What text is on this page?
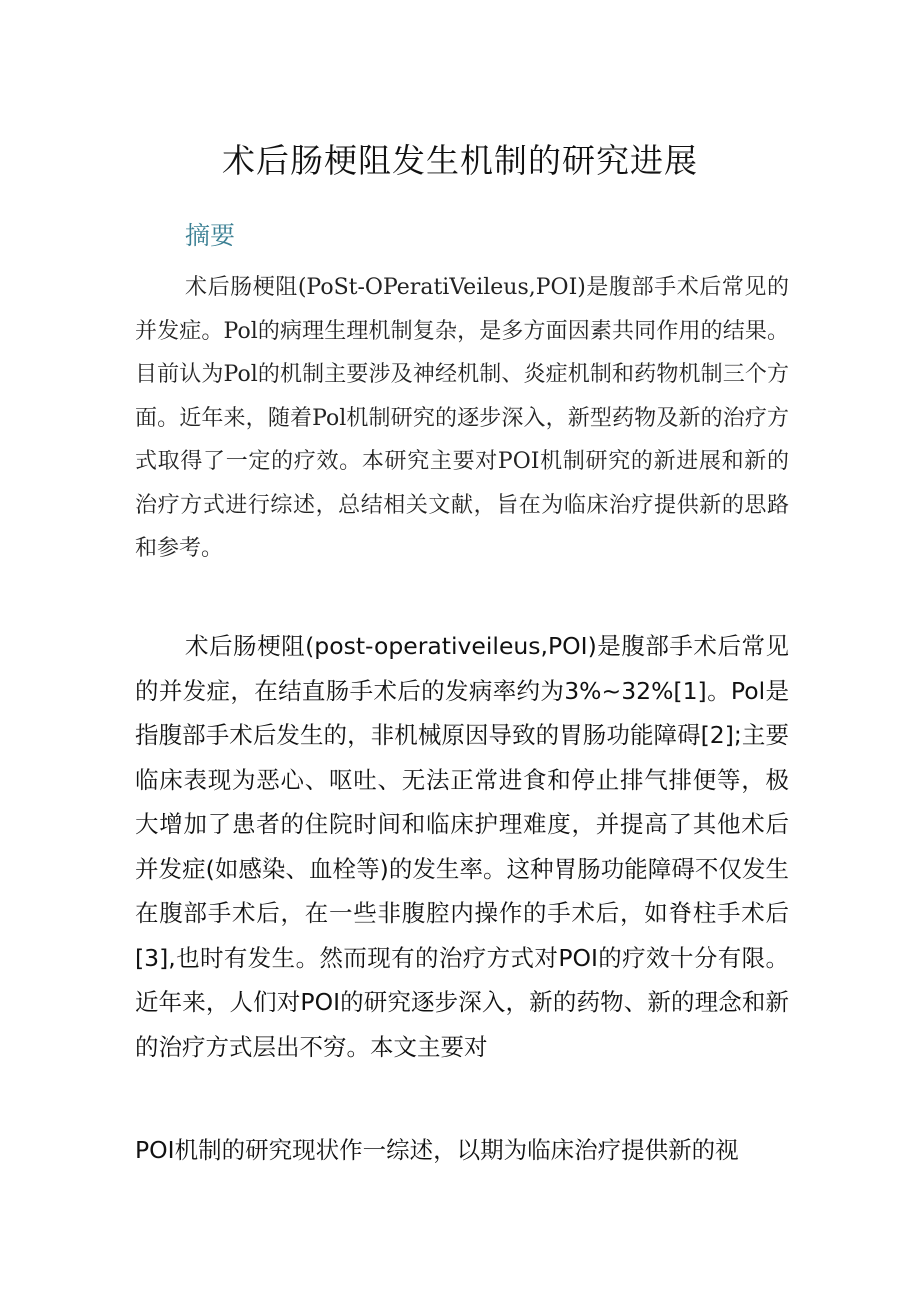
术后肠梗阻发生机制的研究进展
摘要

术后肠梗阻(PoSt-OPeratiVeileus,POI)是腹部手术后常见的并发症。Pol的病理生理机制复杂，是多方面因素共同作用的结果。目前认为Pol的机制主要涉及神经机制、炎症机制和药物机制三个方面。近年来，随着Pol机制研究的逐步深入，新型药物及新的治疗方式取得了一定的疗效。本研究主要对POI机制研究的新进展和新的治疗方式进行综述，总结相关文献，旨在为临床治疗提供新的思路和参考。

术后肠梗阻(post-operativeileus,POI)是腹部手术后常见的并发症，在结直肠手术后的发病率约为3%~32%[1]。Pol是指腹部手术后发生的，非机械原因导致的胃肠功能障碍[2];主要临床表现为恶心、呕吐、无法正常进食和停止排气排便等，极大增加了患者的住院时间和临床护理难度，并提高了其他术后并发症(如感染、血栓等)的发生率。这种胃肠功能障碍不仅发生在腹部手术后，在一些非腹腔内操作的手术后，如脊柱手术后[3],也时有发生。然而现有的治疗方式对POI的疗效十分有限。近年来，人们对POI的研究逐步深入，新的药物、新的理念和新的治疗方式层出不穷。本文主要对

POI机制的研究现状作一综述，以期为临床治疗提供新的视
